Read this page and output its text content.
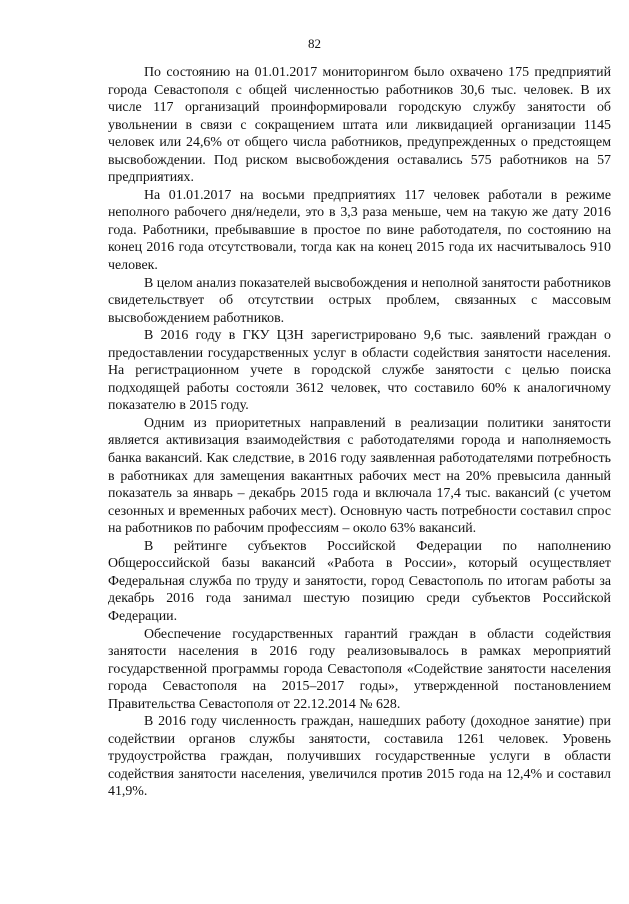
82

По состоянию на 01.01.2017 мониторингом было охвачено 175 предприятий города Севастополя с общей численностью работников 30,6 тыс. человек. В их числе 117 организаций проинформировали городскую службу занятости об увольнении в связи с сокращением штата или ликвидацией организации 1145 человек или 24,6% от общего числа работников, предупрежденных о предстоящем высвобождении. Под риском высвобождения оставались 575 работников на 57 предприятиях.

На 01.01.2017 на восьми предприятиях 117 человек работали в режиме неполного рабочего дня/недели, это в 3,3 раза меньше, чем на такую же дату 2016 года. Работники, пребывавшие в простое по вине работодателя, по состоянию на конец 2016 года отсутствовали, тогда как на конец 2015 года их насчитывалось 910 человек.

В целом анализ показателей высвобождения и неполной занятости работников свидетельствует об отсутствии острых проблем, связанных с массовым высвобождением работников.

В 2016 году в ГКУ ЦЗН зарегистрировано 9,6 тыс. заявлений граждан о предоставлении государственных услуг в области содействия занятости населения. На регистрационном учете в городской службе занятости с целью поиска подходящей работы состояли 3612 человек, что составило 60% к аналогичному показателю в 2015 году.

Одним из приоритетных направлений в реализации политики занятости является активизация взаимодействия с работодателями города и наполняемость банка вакансий. Как следствие, в 2016 году заявленная работодателями потребность в работниках для замещения вакантных рабочих мест на 20% превысила данный показатель за январь – декабрь 2015 года и включала 17,4 тыс. вакансий (с учетом сезонных и временных рабочих мест). Основную часть потребности составил спрос на работников по рабочим профессиям – около 63% вакансий.

В рейтинге субъектов Российской Федерации по наполнению Общероссийской базы вакансий «Работа в России», который осуществляет Федеральная служба по труду и занятости, город Севастополь по итогам работы за декабрь 2016 года занимал шестую позицию среди субъектов Российской Федерации.

Обеспечение государственных гарантий граждан в области содействия занятости населения в 2016 году реализовывалось в рамках мероприятий государственной программы города Севастополя «Содействие занятости населения города Севастополя на 2015–2017 годы», утвержденной постановлением Правительства Севастополя от 22.12.2014 № 628.

В 2016 году численность граждан, нашедших работу (доходное занятие) при содействии органов службы занятости, составила 1261 человек. Уровень трудоустройства граждан, получивших государственные услуги в области содействия занятости населения, увеличился против 2015 года на 12,4% и составил 41,9%.
